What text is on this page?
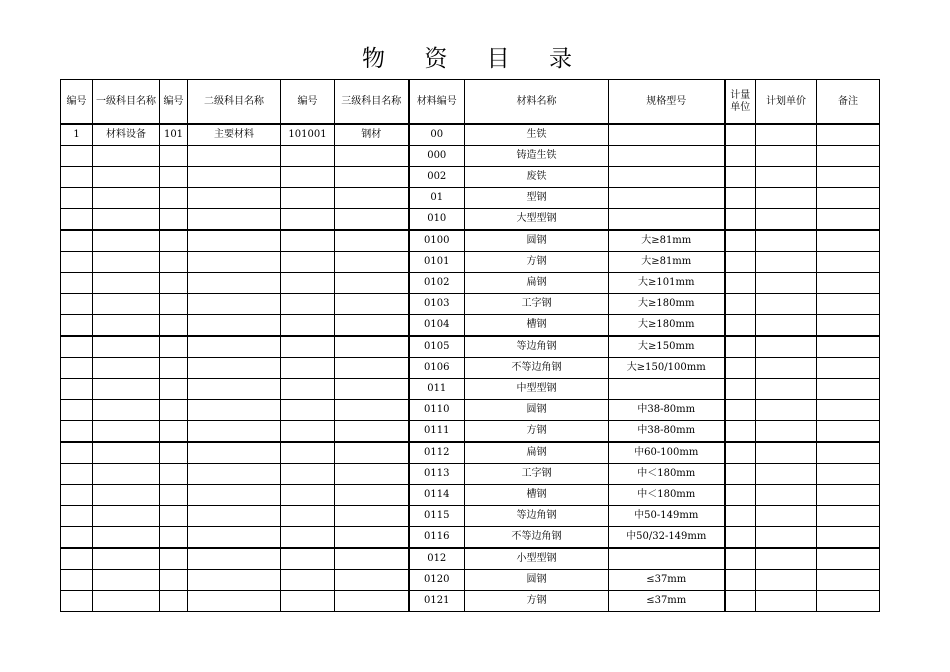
物 资 目 录
编号	一级科目名称	编号	二级科目名称	编号	三级科目名称	材料编号	材料名称	规格型号	计量单位	计划单价	备注
1	材料设备	101	主要材料	101001	钢材	00	生铁				
						000	铸造生铁				
						002	废铁				
						01	型钢				
						010	大型型钢				
						0100	圆钢	大≥81mm			
						0101	方钢	大≥81mm			
						0102	扁钢	大≥101mm			
						0103	工字钢	大≥180mm			
						0104	槽钢	大≥180mm			
						0105	等边角钢	大≥150mm			
						0106	不等边角钢	大≥150/100mm			
						011	中型型钢				
						0110	圆钢	中38-80mm			
						0111	方钢	中38-80mm			
						0112	扁钢	中60-100mm			
						0113	工字钢	中＜180mm			
						0114	槽钢	中＜180mm			
						0115	等边角钢	中50-149mm			
						0116	不等边角钢	中50/32-149mm			
						012	小型型钢				
						0120	圆钢	≤37mm			
						0121	方钢	≤37mm			
